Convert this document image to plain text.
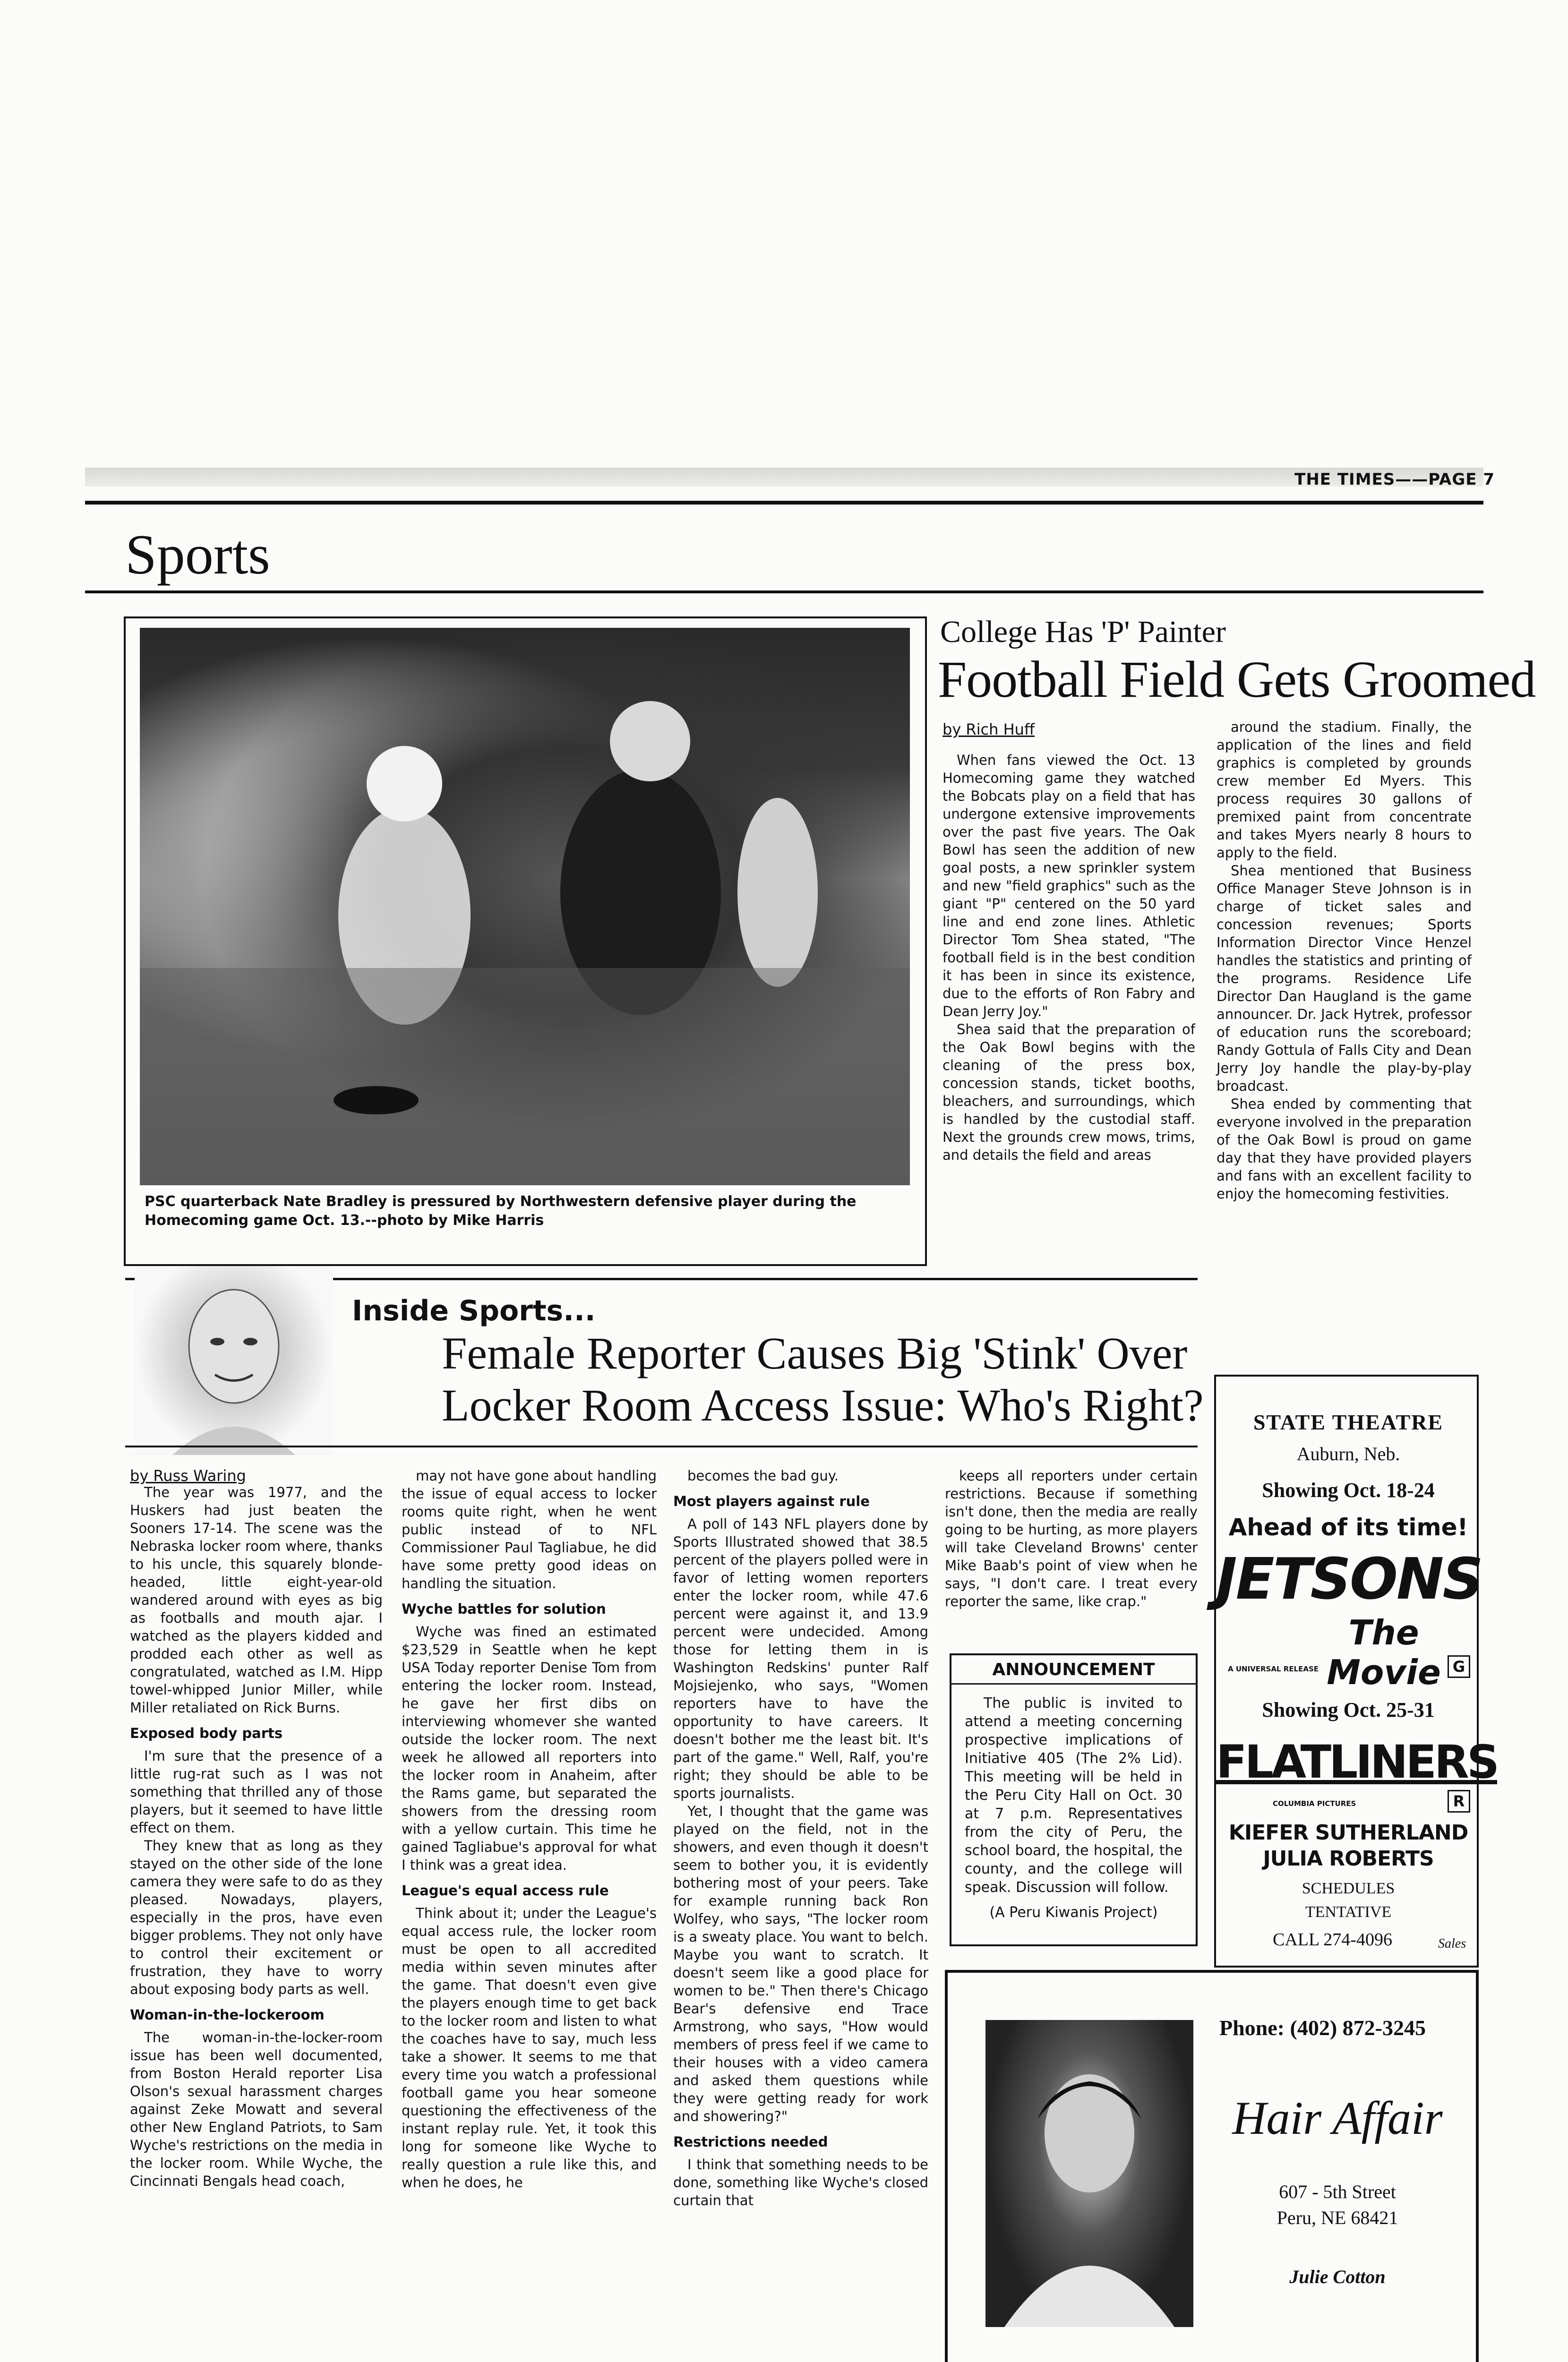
THE TIMES——PAGE 7
Sports
PSC quarterback Nate Bradley is pressured by Northwestern defensive player during the Homecoming game Oct. 13.--photo by Mike Harris
College Has 'P' Painter
Football Field Gets Groomed
by Rich Huff

When fans viewed the Oct. 13 Homecoming game they watched the Bobcats play on a field that has undergone extensive improvements over the past five years. The Oak Bowl has seen the addition of new goal posts, a new sprinkler system and new "field graphics" such as the giant "P" centered on the 50 yard line and end zone lines. Athletic Director Tom Shea stated, "The football field is in the best condition it has been in since its existence, due to the efforts of Ron Fabry and Dean Jerry Joy."

Shea said that the preparation of the Oak Bowl begins with the cleaning of the press box, concession stands, ticket booths, bleachers, and surroundings, which is handled by the custodial staff. Next the grounds crew mows, trims, and details the field and areas

around the stadium. Finally, the application of the lines and field graphics is completed by grounds crew member Ed Myers. This process requires 30 gallons of premixed paint from concentrate and takes Myers nearly 8 hours to apply to the field.

Shea mentioned that Business Office Manager Steve Johnson is in charge of ticket sales and concession revenues; Sports Information Director Vince Henzel handles the statistics and printing of the programs. Residence Life Director Dan Haugland is the game announcer. Dr. Jack Hytrek, professor of education runs the scoreboard; Randy Gottula of Falls City and Dean Jerry Joy handle the play-by-play broadcast.

Shea ended by commenting that everyone involved in the preparation of the Oak Bowl is proud on game day that they have provided players and fans with an excellent facility to enjoy the homecoming festivities.

Inside Sports...
Female Reporter Causes Big 'Stink' Over
Locker Room Access Issue: Who's Right?
by Russ Waring

The year was 1977, and the Huskers had just beaten the Sooners 17-14. The scene was the Nebraska locker room where, thanks to his uncle, this squarely blonde-headed, little eight-year-old wandered around with eyes as big as footballs and mouth ajar. I watched as the players kidded and prodded each other as well as congratulated, watched as I.M. Hipp towel-whipped Junior Miller, while Miller retaliated on Rick Burns.

Exposed body parts

I'm sure that the presence of a little rug-rat such as I was not something that thrilled any of those players, but it seemed to have little effect on them.

They knew that as long as they stayed on the other side of the lone camera they were safe to do as they pleased. Nowadays, players, especially in the pros, have even bigger problems. They not only have to control their excitement or frustration, they have to worry about exposing body parts as well.

Woman-in-the-lockeroom

The woman-in-the-locker-room issue has been well documented, from Boston Herald reporter Lisa Olson's sexual harassment charges against Zeke Mowatt and several other New England Patriots, to Sam Wyche's restrictions on the media in the locker room. While Wyche, the Cincinnati Bengals head coach,

may not have gone about handling the issue of equal access to locker rooms quite right, when he went public instead of to NFL Commissioner Paul Tagliabue, he did have some pretty good ideas on handling the situation.

Wyche battles for solution

Wyche was fined an estimated $23,529 in Seattle when he kept USA Today reporter Denise Tom from entering the locker room. Instead, he gave her first dibs on interviewing whomever she wanted outside the locker room. The next week he allowed all reporters into the locker room in Anaheim, after the Rams game, but separated the showers from the dressing room with a yellow curtain. This time he gained Tagliabue's approval for what I think was a great idea.

League's equal access rule

Think about it; under the League's equal access rule, the locker room must be open to all accredited media within seven minutes after the game. That doesn't even give the players enough time to get back to the locker room and listen to what the coaches have to say, much less take a shower. It seems to me that every time you watch a professional football game you hear someone questioning the effectiveness of the instant replay rule. Yet, it took this long for someone like Wyche to really question a rule like this, and when he does, he

becomes the bad guy.

Most players against rule

A poll of 143 NFL players done by Sports Illustrated showed that 38.5 percent of the players polled were in favor of letting women reporters enter the locker room, while 47.6 percent were against it, and 13.9 percent were undecided. Among those for letting them in is Washington Redskins' punter Ralf Mojsiejenko, who says, "Women reporters have to have the opportunity to have careers. It doesn't bother me the least bit. It's part of the game." Well, Ralf, you're right; they should be able to be sports journalists.

Yet, I thought that the game was played on the field, not in the showers, and even though it doesn't seem to bother you, it is evidently bothering most of your peers. Take for example running back Ron Wolfey, who says, "The locker room is a sweaty place. You want to belch. Maybe you want to scratch. It doesn't seem like a good place for women to be." Then there's Chicago Bear's defensive end Trace Armstrong, who says, "How would members of press feel if we came to their houses with a video camera and asked them questions while they were getting ready for work and showering?"

Restrictions needed

I think that something needs to be done, something like Wyche's closed curtain that

keeps all reporters under certain restrictions. Because if something isn't done, then the media are really going to be hurting, as more players will take Cleveland Browns' center Mike Baab's point of view when he says, "I don't care. I treat every reporter the same, like crap."

ANNOUNCEMENT
The public is invited to attend a meeting concerning prospective implications of Initiative 405 (The 2% Lid). This meeting will be held in the Peru City Hall on Oct. 30 at 7 p.m. Representatives from the city of Peru, the school board, the hospital, the county, and the college will speak. Discussion will follow.
(A Peru Kiwanis Project)
STATE THEATRE
Auburn, Neb.
Showing Oct. 18-24
Ahead of its time!
JETSONS
The Movie
A UNIVERSAL RELEASE	G
Showing Oct. 25-31
FLATLINERS
COLUMBIA PICTURES	R
KIEFER SUTHERLAND
JULIA ROBERTS
SCHEDULES
TENTATIVE
CALL 274-4096	Sales
Phone: (402) 872-3245
Hair Affair
607 - 5th Street
Peru, NE 68421
Julie Cotton
